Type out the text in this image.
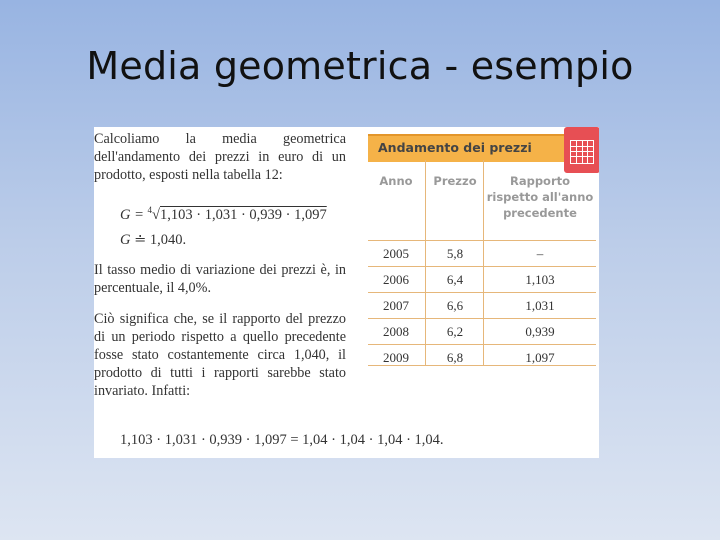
Media geometrica - esempio

Calcoliamo la media geometrica dell'andamento dei prezzi in euro di un prodotto, esposti nella tabella 12:

G = $^4$√1,103 · 1,031 · 0,939 · 1,097
G ≐ 1,040.

Il tasso medio di variazione dei prezzi è, in percentuale, il 4,0%.

Ciò significa che, se il rapporto del prezzo di un periodo rispetto a quello precedente fosse stato costantemente circa 1,040, il prodotto di tutti i rapporti sarebbe stato invariato. Infatti:

1,103 · 1,031 · 0,939 · 1,097 = 1,04 · 1,04 · 1,04 · 1,04.
Andamento dei prezzi
Anno	Prezzo	Rapporto rispetto all'anno precedente
2005	5,8	–
2006	6,4	1,103
2007	6,6	1,031
2008	6,2	0,939
2009	6,8	1,097
